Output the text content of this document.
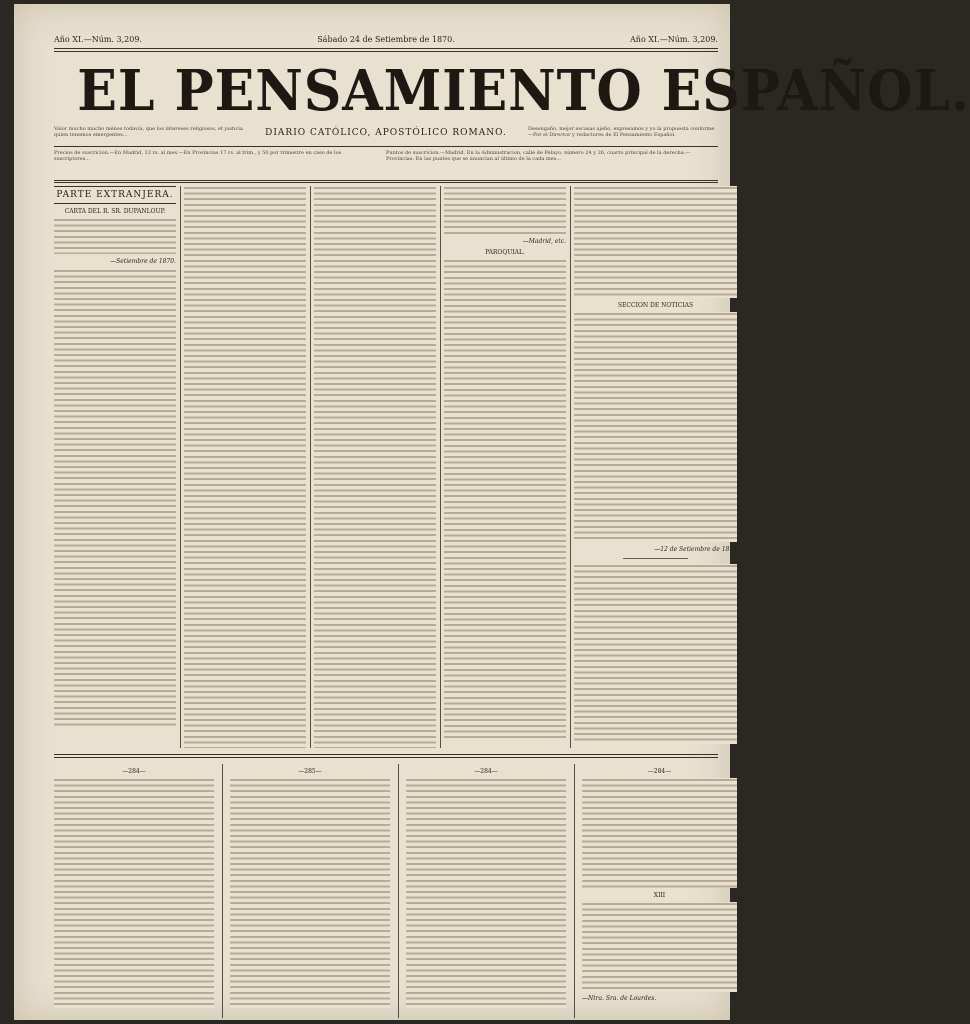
Año XI.—Núm. 3,209.	Sábado 24 de Setiembre de 1870.	Año XI.—Núm. 3,209.
EL PENSAMIENTO ESPAÑOL.
Valor mucho mucho ménos todavía, que los intereses religiosos, et justicia quien tenemos emergentes...	DIARIO CATÓLICO, APOSTÓLICO ROMANO.	Desengaño, mejor escasas ajeño, expresamos y yo la propuesta conforme —Por el Director y redactores de El Pensamiento Español.
Precios de suscricion.—En Madrid, 12 rs. al mes.—En Provincias 17 rs. al trim., y 50 por trimestre en caso de los suscriptores...
Puntos de suscricion.—Madrid. En la Administracion, calle de Pelayo, número 24 y 26, cuarto principal de la derecha.—Provincias: En las puntos que se anuncian al último de la cada mes...
PARTE EXTRANJERA.
CARTA DEL R. SR. DUPANLOUP.
—Setiembre de 1870.
—Madrid, etc.
PAROQUIAL.
SECCION DE NOTICIAS
—12 de Setiembre de 1870
—284—	—285—	—284—	—284—
XIII
—Ntra. Sra. de Lourdes.	10
